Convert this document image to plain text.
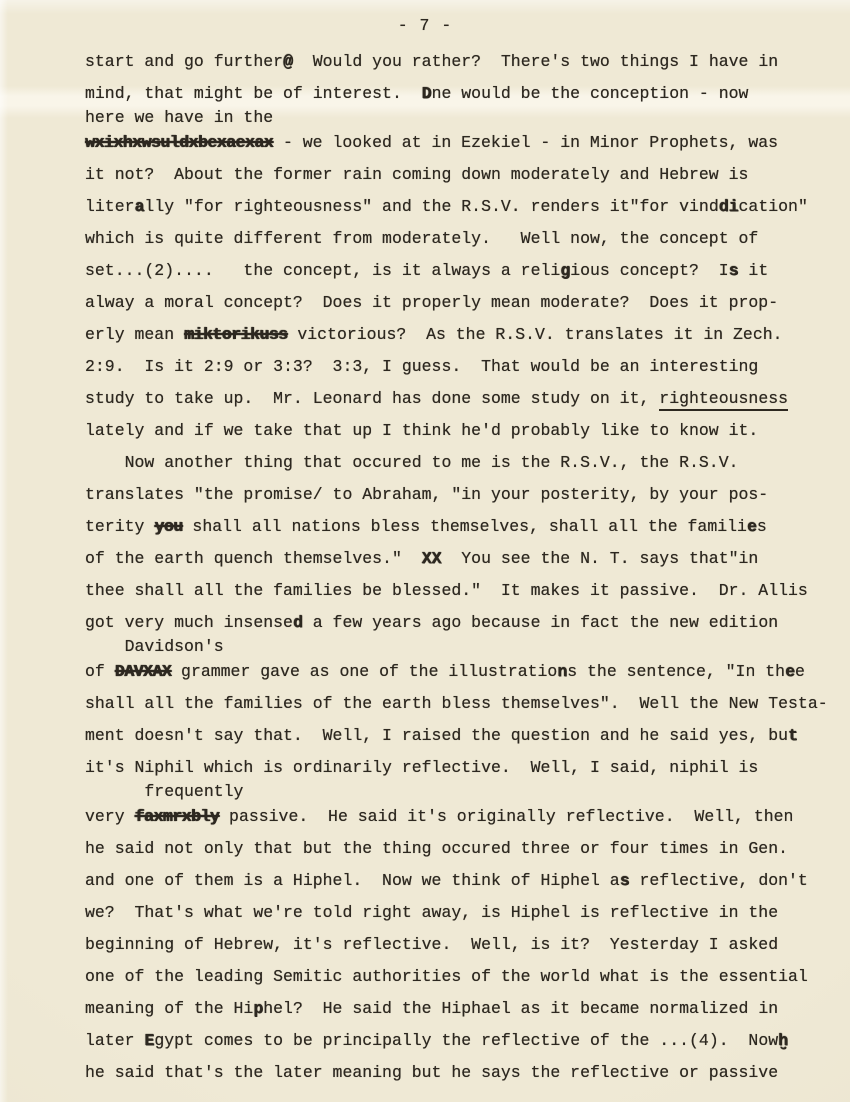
- 7 -
start and go further@  Would you rather?  There's two things I have in
mind, that might be of interest.  Dne would be the conception - now
here we have in the
wxixhxwsuldxbexaexax - we looked at in Ezekiel - in Minor Prophets, was
it not?  About the former rain coming down moderately and Hebrew is
literally "for righteousness" and the R.S.V. renders it"for vinddication"
which is quite different from moderately.   Well now, the concept of
set...(2)....   the concept, is it always a religious concept?  Is it
alway a moral concept?  Does it properly mean moderate?  Does it prop-
erly mean miktorikuss victorious?  As the R.S.V. translates it in Zech.
2:9.  Is it 2:9 or 3:3?  3:3, I guess.  That would be an interesting
study to take up.  Mr. Leonard has done some study on it, righteousness
lately and if we take that up I think he'd probably like to know it.
Now another thing that occured to me is the R.S.V., the R.S.V.
translates "the promise/ to Abraham, "in your posterity, by your pos-
terity you shall all nations bless themselves, shall all the families
of the earth quench themselves."  XX  You see the N. T. says that"in
thee shall all the families be blessed."  It makes it passive.  Dr. Allis
got very much insensed a few years ago because in fact the new edition
Davidson's
of DAVXAX grammer gave as one of the illustrations the sentence, "In thee
shall all the families of the earth bless themselves".  Well the New Testa-
ment doesn't say that.  Well, I raised the question and he said yes, but
it's Niphil which is ordinarily reflective.  Well, I said, niphil is
frequently
very faxmrxbly passive.  He said it's originally reflective.  Well, then
he said not only that but the thing occured three or four times in Gen.
and one of them is a Hiphel.  Now we think of Hiphel as reflective, don't
we?  That's what we're told right away, is Hiphel is reflective in the
beginning of Hebrew, it's reflective.  Well, is it?  Yesterday I asked
one of the leading Semitic authorities of the world what is the essential
meaning of the Hiphel?  He said the Hiphael as it became normalized in
later Egypt comes to be principally the reflective of the ...(4).  Nowḫ
he said that's the later meaning but he says the reflective or passive
